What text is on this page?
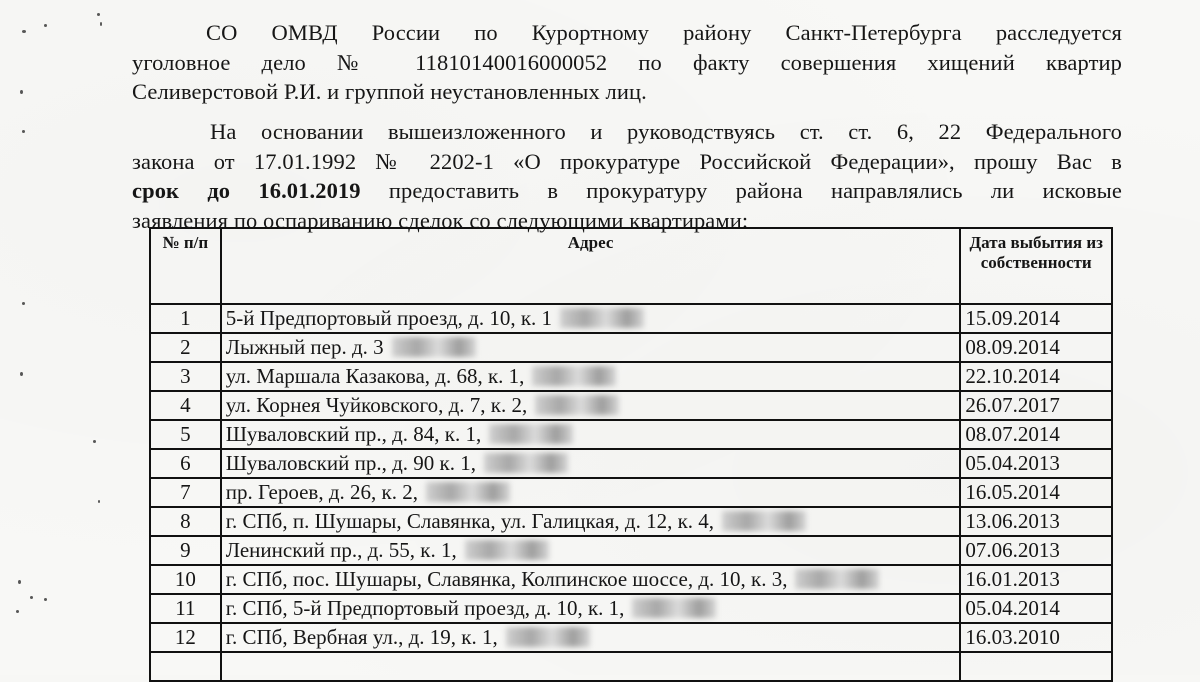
СО ОМВД России по Курортному району Санкт-Петербурга расследуется
уголовное дело № 11810140016000052 по факту совершения хищений квартир
Селиверстовой Р.И. и группой неустановленных лиц.
На основании вышеизложенного и руководствуясь ст. ст. 6, 22 Федерального
закона от 17.01.1992 № 2202-1 «О прокуратуре Российской Федерации», прошу Вас в
срок до 16.01.2019 предоставить в прокуратуру района направлялись ли исковые
заявления по оспариванию сделок со следующими квартирами:
№ п/п	Адрес	Дата выбытия из собственности
1	5-й Предпортовый проезд, д. 10, к. 1	15.09.2014
2	Лыжный пер. д. 3	08.09.2014
3	ул. Маршала Казакова, д. 68, к. 1,	22.10.2014
4	ул. Корнея Чуйковского, д. 7, к. 2,	26.07.2017
5	Шуваловский пр., д. 84, к. 1,	08.07.2014
6	Шуваловский пр., д. 90 к. 1,	05.04.2013
7	пр. Героев, д. 26, к. 2,	16.05.2014
8	г. СПб, п. Шушары, Славянка, ул. Галицкая, д. 12, к. 4,	13.06.2013
9	Ленинский пр., д. 55, к. 1,	07.06.2013
10	г. СПб, пос. Шушары, Славянка, Колпинское шоссе, д. 10, к. 3,	16.01.2013
11	г. СПб, 5-й Предпортовый проезд, д. 10, к. 1,	05.04.2014
12	г. СПб, Вербная ул., д. 19, к. 1,	16.03.2010
